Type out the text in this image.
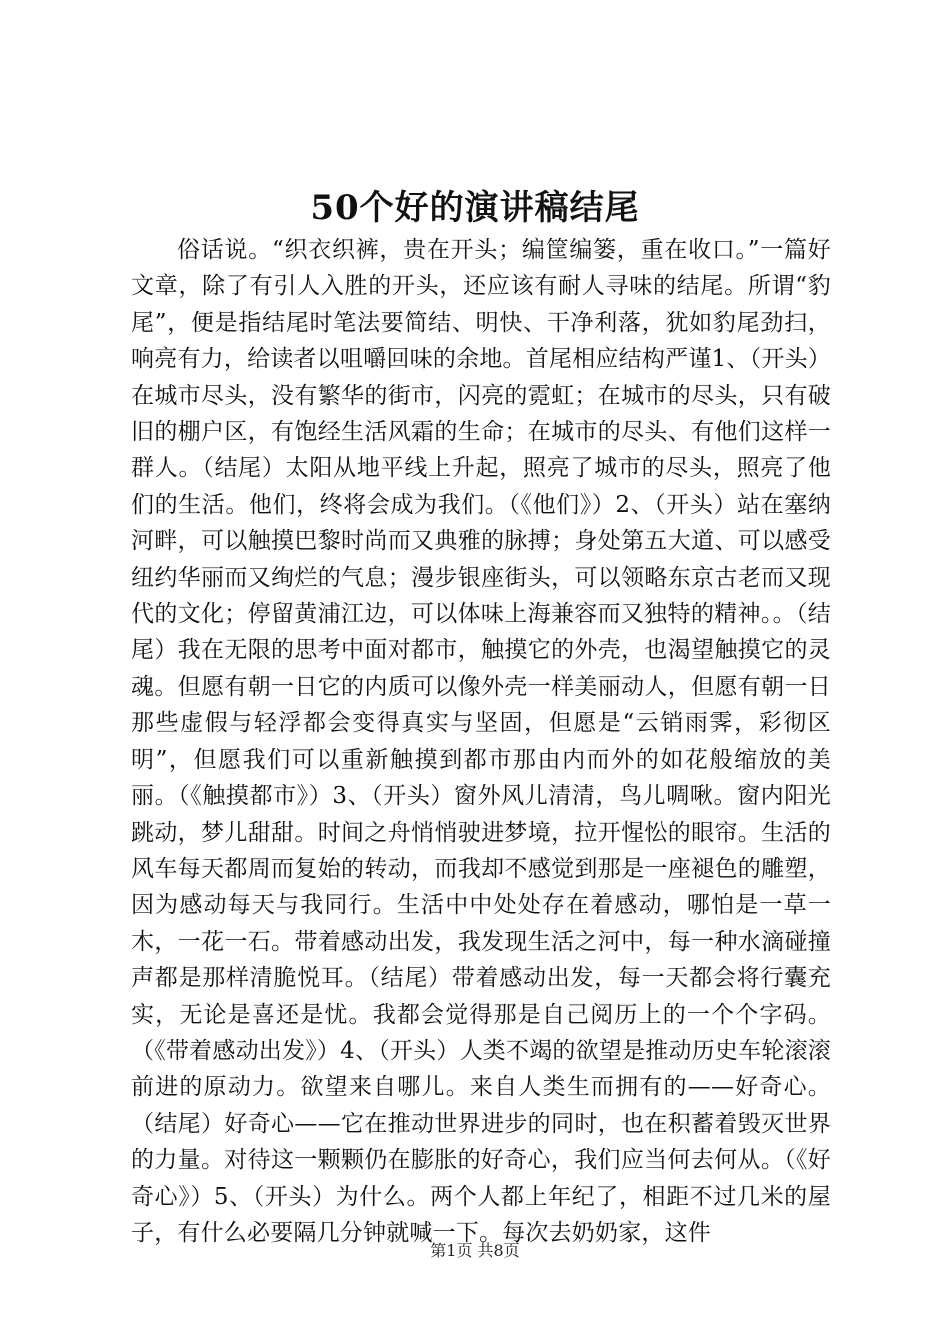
50个好的演讲稿结尾

俗话说。“织衣织裤，贵在开头；编筐编篓，重在收口。”一篇好文章，除了有引人入胜的开头，还应该有耐人寻味的结尾。所谓“豹尾”，便是指结尾时笔法要简结、明快、干净利落，犹如豹尾劲扫，响亮有力，给读者以咀嚼回味的余地。首尾相应结构严谨1、（开头）在城市尽头，没有繁华的街市，闪亮的霓虹；在城市的尽头，只有破旧的棚户区，有饱经生活风霜的生命；在城市的尽头、有他们这样一群人。（结尾）太阳从地平线上升起，照亮了城市的尽头，照亮了他们的生活。他们，终将会成为我们。（《他们》）2、（开头）站在塞纳河畔，可以触摸巴黎时尚而又典雅的脉搏；身处第五大道、可以感受纽约华丽而又绚烂的气息；漫步银座街头，可以领略东京古老而又现代的文化；停留黄浦江边，可以体味上海兼容而又独特的精神。。（结尾）我在无限的思考中面对都市，触摸它的外壳，也渴望触摸它的灵魂。但愿有朝一日它的内质可以像外壳一样美丽动人，但愿有朝一日那些虚假与轻浮都会变得真实与坚固，但愿是“云销雨霁，彩彻区明”，但愿我们可以重新触摸到都市那由内而外的如花般缩放的美丽。（《触摸都市》）3、（开头）窗外风儿清清，鸟儿啁啾。窗内阳光跳动，梦儿甜甜。时间之舟悄悄驶进梦境，拉开惺忪的眼帘。生活的风车每天都周而复始的转动，而我却不感觉到那是一座褪色的雕塑，因为感动每天与我同行。生活中中处处存在着感动，哪怕是一草一木，一花一石。带着感动出发，我发现生活之河中，每一种水滴碰撞声都是那样清脆悦耳。（结尾）带着感动出发，每一天都会将行囊充实，无论是喜还是忧。我都会觉得那是自己阅历上的一个个字码。（《带着感动出发》）4、（开头）人类不竭的欲望是推动历史车轮滚滚前进的原动力。欲望来自哪儿。来自人类生而拥有的——好奇心。（结尾）好奇心——它在推动世界进步的同时，也在积蓄着毁灭世界的力量。对待这一颗颗仍在膨胀的好奇心，我们应当何去何从。（《好奇心》）5、（开头）为什么。两个人都上年纪了，相距不过几米的屋子，有什么必要隔几分钟就喊一下。每次去奶奶家，这件

第1页 共8页
